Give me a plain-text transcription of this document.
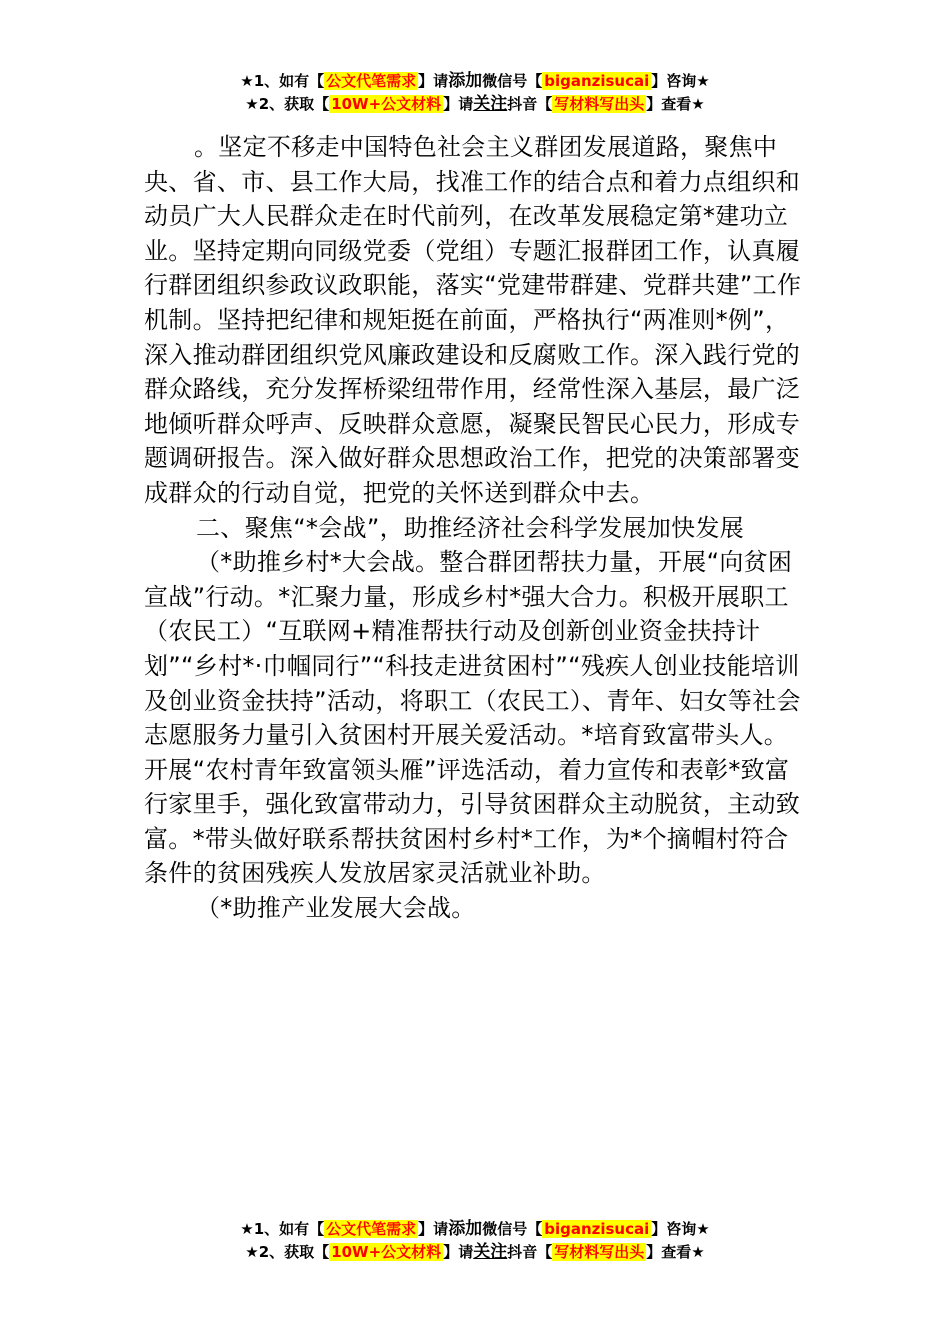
★1、如有【 公文代笔需求 】请添加微信号【 biganzisucai 】咨询★
★2、获取【 10W+公文材料 】请关注抖音【 写材料写出头 】查看★

。坚定不移走中国特色社会主义群团发展道路，聚焦中央、省、市、县工作大局，找准工作的结合点和着力点组织和动员广大人民群众走在时代前列，在改革发展稳定第*建功立业。坚持定期向同级党委（党组）专题汇报群团工作，认真履行群团组织参政议政职能，落实“党建带群建、党群共建”工作机制。坚持把纪律和规矩挺在前面，严格执行“两准则*例”，深入推动群团组织党风廉政建设和反腐败工作。深入践行党的群众路线，充分发挥桥梁纽带作用，经常性深入基层，最广泛地倾听群众呼声、反映群众意愿，凝聚民智民心民力，形成专题调研报告。深入做好群众思想政治工作，把党的决策部署变成群众的行动自觉，把党的关怀送到群众中去。

二、聚焦“*会战”，助推经济社会科学发展加快发展

（*助推乡村*大会战。整合群团帮扶力量，开展“向贫困宣战”行动。*汇聚力量，形成乡村*强大合力。积极开展职工（农民工）“互联网+精准帮扶行动及创新创业资金扶持计划”“乡村*·巾帼同行”“科技走进贫困村”“残疾人创业技能培训及创业资金扶持”活动，将职工（农民工）、青年、妇女等社会志愿服务力量引入贫困村开展关爱活动。*培育致富带头人。开展“农村青年致富领头雁”评选活动，着力宣传和表彰*致富行家里手，强化致富带动力，引导贫困群众主动脱贫，主动致富。*带头做好联系帮扶贫困村乡村*工作，为*个摘帽村符合条件的贫困残疾人发放居家灵活就业补助。

（*助推产业发展大会战。

★1、如有【 公文代笔需求 】请添加微信号【 biganzisucai 】咨询★
★2、获取【 10W+公文材料 】请关注抖音【 写材料写出头 】查看★
